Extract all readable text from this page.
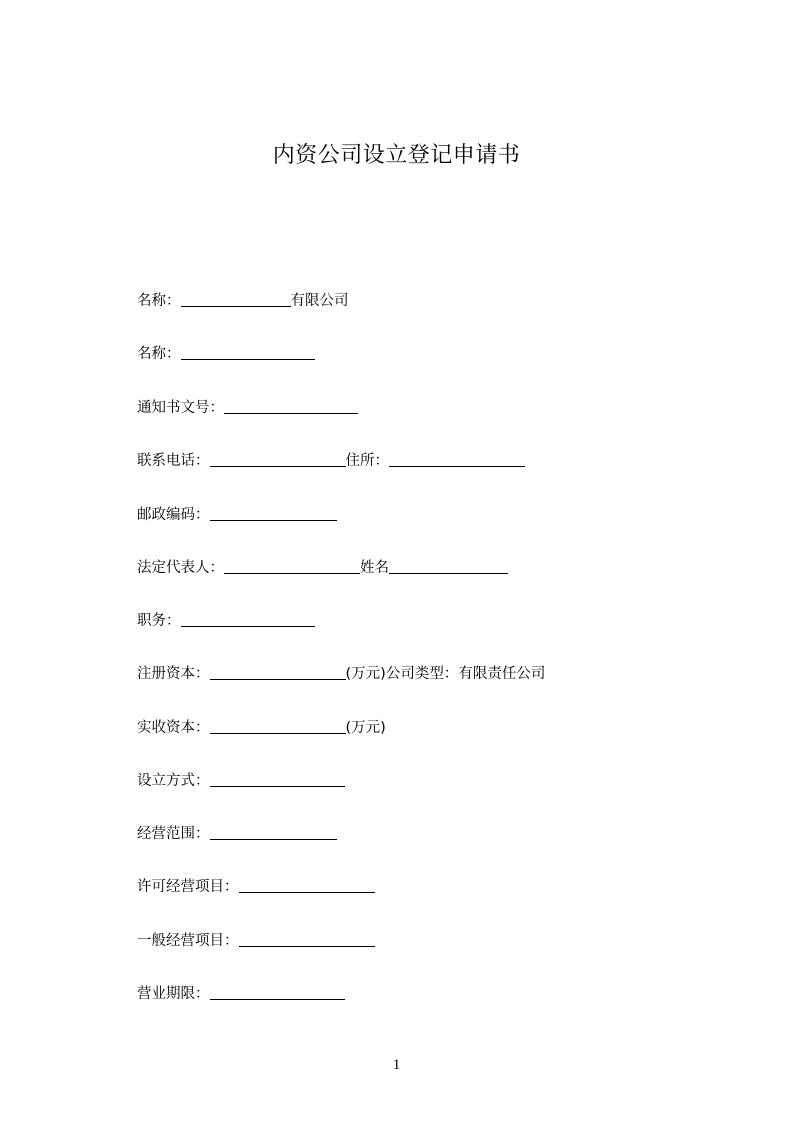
内资公司设立登记申请书
名称：	有限公司
名称：
通知书文号：
联系电话：	住所：
邮政编码：
法定代表人：	姓名
职务：
注册资本：	(万元)公司类型：有限责任公司
实收资本：	(万元)
设立方式：
经营范围：
许可经营项目：
一般经营项目：
营业期限：
1
